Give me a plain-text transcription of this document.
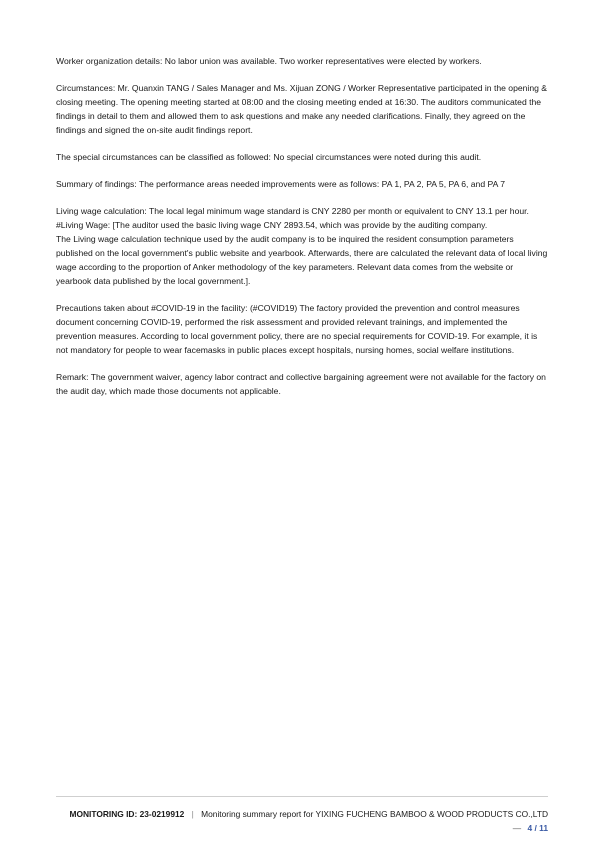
Worker organization details: No labor union was available. Two worker representatives were elected by workers.

Circumstances: Mr. Quanxin TANG / Sales Manager and Ms. Xijuan ZONG / Worker Representative participated in the opening & closing meeting. The opening meeting started at 08:00 and the closing meeting ended at 16:30. The auditors communicated the findings in detail to them and allowed them to ask questions and make any needed clarifications. Finally, they agreed on the findings and signed the on-site audit findings report.

The special circumstances can be classified as followed: No special circumstances were noted during this audit.

Summary of findings: The performance areas needed improvements were as follows: PA 1, PA 2, PA 5, PA 6, and PA 7

Living wage calculation: The local legal minimum wage standard is CNY 2280 per month or equivalent to CNY 13.1 per hour.
#Living Wage: [The auditor used the basic living wage CNY 2893.54, which was provide by the auditing company.
The Living wage calculation technique used by the audit company is to be inquired the resident consumption parameters published on the local government's public website and yearbook. Afterwards, there are calculated the relevant data of local living wage according to the proportion of Anker methodology of the key parameters. Relevant data comes from the website or yearbook data published by the local government.].

Precautions taken about #COVID-19 in the facility: (#COVID19) The factory provided the prevention and control measures document concerning COVID-19, performed the risk assessment and provided relevant trainings, and implemented the prevention measures. According to local government policy, there are no special requirements for COVID-19. For example, it is not mandatory for people to wear facemasks in public places except hospitals, nursing homes, social welfare institutions.

Remark: The government waiver, agency labor contract and collective bargaining agreement were not available for the factory on the audit day, which made those documents not applicable.

MONITORING ID: 23-0219912 | Monitoring summary report for YIXING FUCHENG BAMBOO & WOOD PRODUCTS CO.,LTD — 4 / 11
